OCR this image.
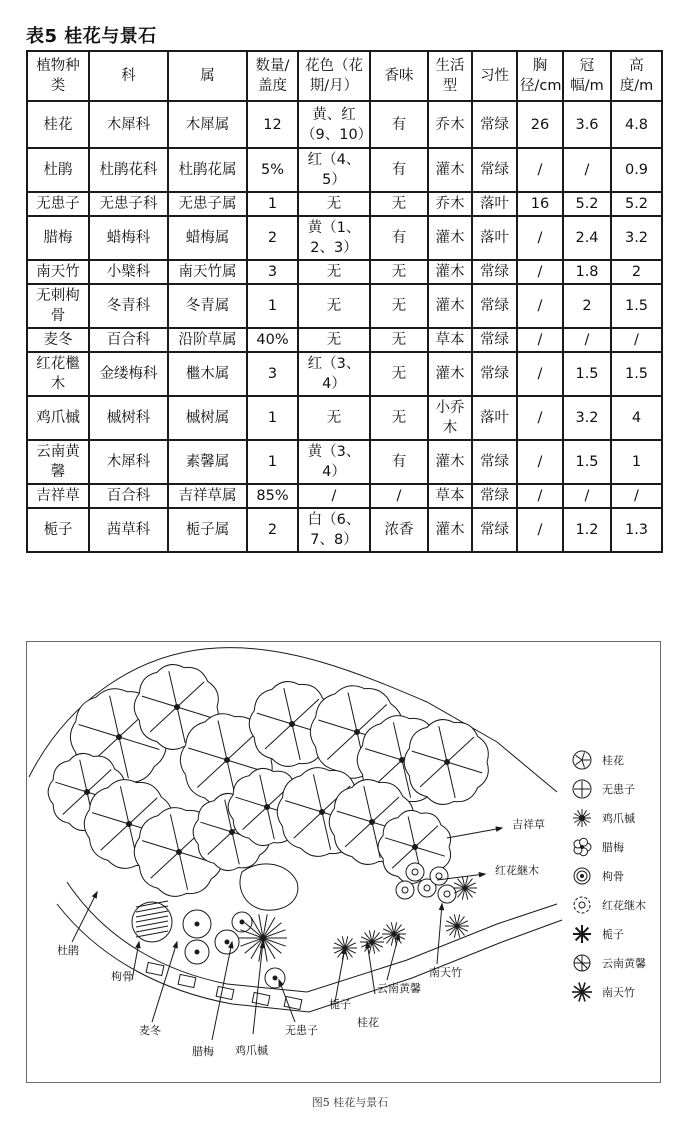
表5 桂花与景石
植物种类	科	属	数量/盖度	花色（花期/月）	香味	生活型	习性	胸径/cm	冠幅/m	高度/m
桂花	木犀科	木犀属	12	黄、红（9、10）	有	乔木	常绿	26	3.6	4.8
杜鹃	杜鹃花科	杜鹃花属	5%	红（4、5）	有	灌木	常绿	/	/	0.9
无患子	无患子科	无患子属	1	无	无	乔木	落叶	16	5.2	5.2
腊梅	蜡梅科	蜡梅属	2	黄（1、2、3）	有	灌木	落叶	/	2.4	3.2
南天竹	小檗科	南天竹属	3	无	无	灌木	常绿	/	1.8	2
无刺枸骨	冬青科	冬青属	1	无	无	灌木	常绿	/	2	1.5
麦冬	百合科	沿阶草属	40%	无	无	草本	常绿	/	/	/
红花檵木	金缕梅科	檵木属	3	红（3、4）	无	灌木	常绿	/	1.5	1.5
鸡爪槭	槭树科	槭树属	1	无	无	小乔木	落叶	/	3.2	4
云南黄馨	木犀科	素馨属	1	黄（3、4）	有	灌木	常绿	/	1.5	1
吉祥草	百合科	吉祥草属	85%	/	/	草本	常绿	/	/	/
栀子	茜草科	栀子属	2	白（6、7、8）	浓香	灌木	常绿	/	1.2	1.3
吉祥草
红花継木
杜鹃
枸骨
麦冬
腊梅 鸡爪槭
无患子
栀子
桂花
云南黄馨
南天竹
桂花
无患子
鸡爪槭
腊梅
枸骨
红花继木
栀子
云南黄馨
南天竹
图5 桂花与景石
